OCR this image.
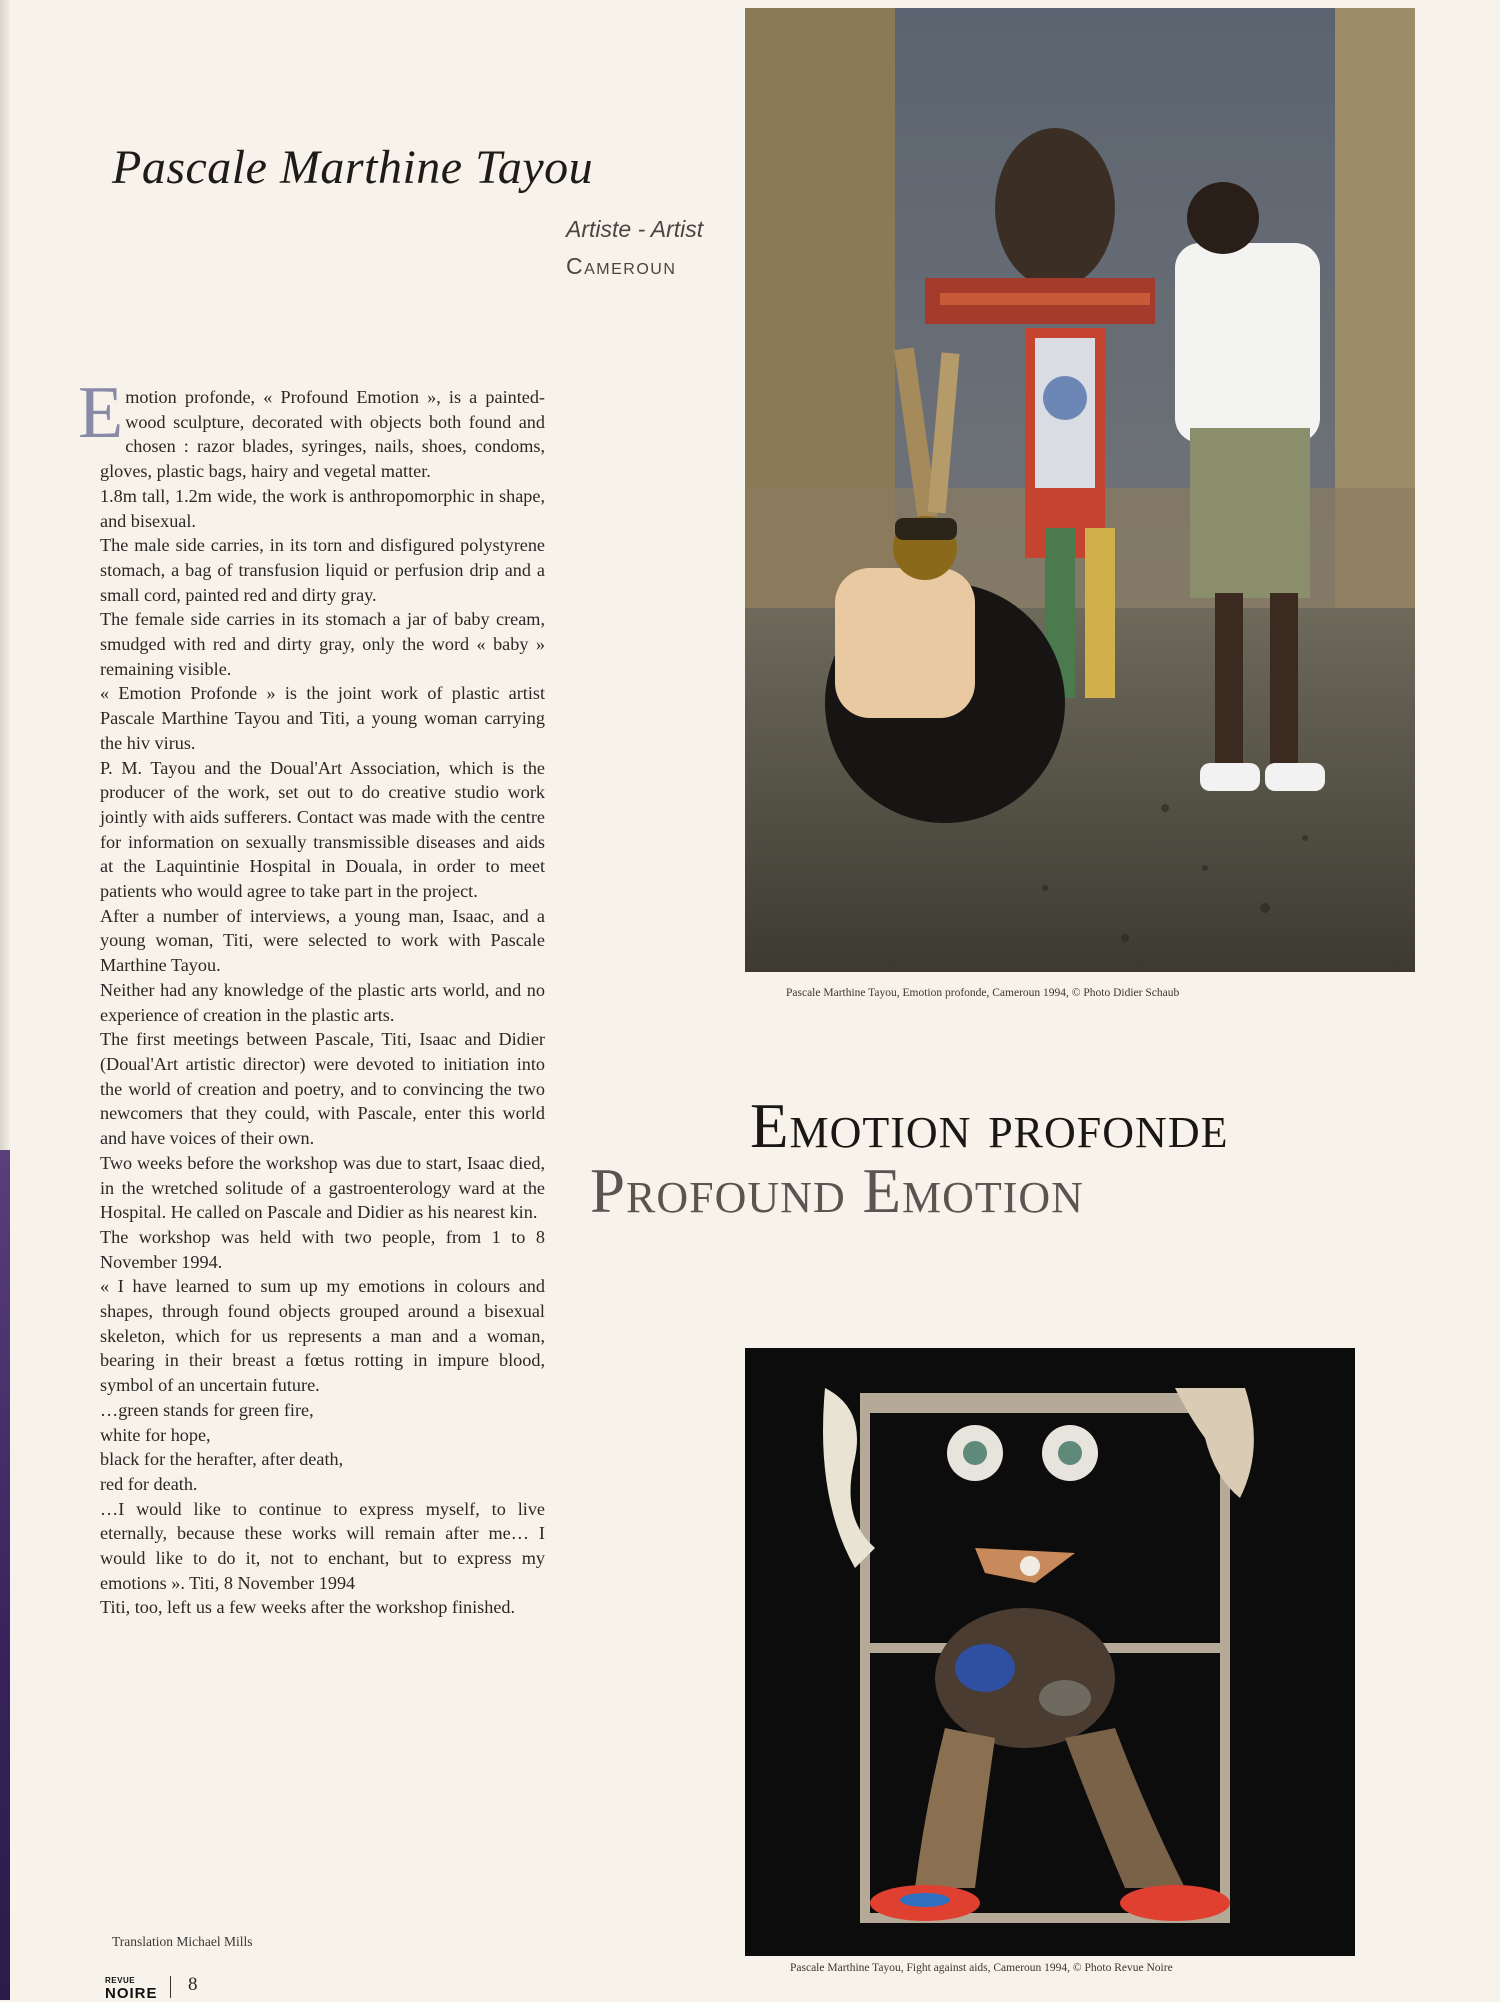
Pascale Marthine Tayou
Artiste - Artist
Cameroun

Emotion profonde, « Profound Emotion », is a painted-wood sculpture, decorated with objects both found and chosen : razor blades, syringes, nails, shoes, condoms, gloves, plastic bags, hairy and vegetal matter.

1.8m tall, 1.2m wide, the work is anthropomorphic in shape, and bisexual.

The male side carries, in its torn and disfigured polystyrene stomach, a bag of transfusion liquid or perfusion drip and a small cord, painted red and dirty gray.

The female side carries in its stomach a jar of baby cream, smudged with red and dirty gray, only the word « baby » remaining visible.

« Emotion Profonde » is the joint work of plastic artist Pascale Marthine Tayou and Titi, a young woman carrying the hiv virus.

P. M. Tayou and the Doual'Art Association, which is the producer of the work, set out to do creative studio work jointly with aids sufferers. Contact was made with the centre for information on sexually transmissible diseases and aids at the Laquintinie Hospital in Douala, in order to meet patients who would agree to take part in the project.

After a number of interviews, a young man, Isaac, and a young woman, Titi, were selected to work with Pascale Marthine Tayou.

Neither had any knowledge of the plastic arts world, and no experience of creation in the plastic arts.

The first meetings between Pascale, Titi, Isaac and Didier (Doual'Art artistic director) were devoted to initiation into the world of creation and poetry, and to convincing the two newcomers that they could, with Pascale, enter this world and have voices of their own.

Two weeks before the workshop was due to start, Isaac died, in the wretched solitude of a gastroenterology ward at the Hospital. He called on Pascale and Didier as his nearest kin.

The workshop was held with two people, from 1 to 8 November 1994.

« I have learned to sum up my emotions in colours and shapes, through found objects grouped around a bisexual skeleton, which for us represents a man and a woman, bearing in their breast a fœtus rotting in impure blood, symbol of an uncertain future.

…green stands for green fire,

white for hope,

black for the herafter, after death,

red for death.

…I would like to continue to express myself, to live eternally, because these works will remain after me… I would like to do it, not to enchant, but to express my emotions ». Titi, 8 November 1994

Titi, too, left us a few weeks after the workshop finished.

Translation Michael Mills
REVUE
NOIRE 8
Pascale Marthine Tayou, Emotion profonde, Cameroun 1994, © Photo Didier Schaub
Emotion profonde
Profound Emotion
Pascale Marthine Tayou, Fight against aids, Cameroun 1994, © Photo Revue Noire
